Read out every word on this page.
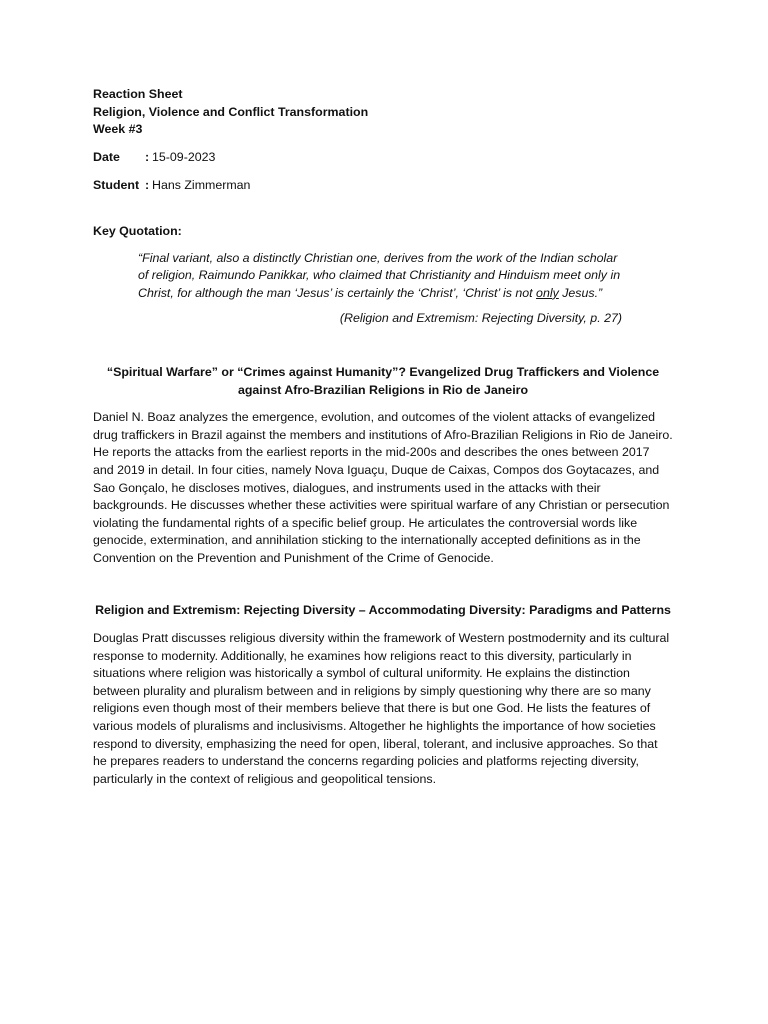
Reaction Sheet
Religion, Violence and Conflict Transformation
Week #3
Date	: 15-09-2023
Student : Hans Zimmerman
Key Quotation:
“Final variant, also a distinctly Christian one, derives from the work of the Indian scholar of religion, Raimundo Panikkar, who claimed that Christianity and Hinduism meet only in Christ, for although the man ‘Jesus’ is certainly the ‘Christ’, ‘Christ’ is not only Jesus.”
(Religion and Extremism: Rejecting Diversity, p. 27)
“Spiritual Warfare” or “Crimes against Humanity”? Evangelized Drug Traffickers and Violence against Afro-Brazilian Religions in Rio de Janeiro
Daniel N. Boaz analyzes the emergence, evolution, and outcomes of the violent attacks of evangelized drug traffickers in Brazil against the members and institutions of Afro-Brazilian Religions in Rio de Janeiro. He reports the attacks from the earliest reports in the mid-200s and describes the ones between 2017 and 2019 in detail. In four cities, namely Nova Iguaçu, Duque de Caixas, Compos dos Goytacazes, and Sao Gonçalo, he discloses motives, dialogues, and instruments used in the attacks with their backgrounds. He discusses whether these activities were spiritual warfare of any Christian or persecution violating the fundamental rights of a specific belief group. He articulates the controversial words like genocide, extermination, and annihilation sticking to the internationally accepted definitions as in the Convention on the Prevention and Punishment of the Crime of Genocide.
Religion and Extremism: Rejecting Diversity – Accommodating Diversity: Paradigms and Patterns
Douglas Pratt discusses religious diversity within the framework of Western postmodernity and its cultural response to modernity. Additionally, he examines how religions react to this diversity, particularly in situations where religion was historically a symbol of cultural uniformity. He explains the distinction between plurality and pluralism between and in religions by simply questioning why there are so many religions even though most of their members believe that there is but one God. He lists the features of various models of pluralisms and inclusivisms. Altogether he highlights the importance of how societies respond to diversity, emphasizing the need for open, liberal, tolerant, and inclusive approaches. So that he prepares readers to understand the concerns regarding policies and platforms rejecting diversity, particularly in the context of religious and geopolitical tensions.
